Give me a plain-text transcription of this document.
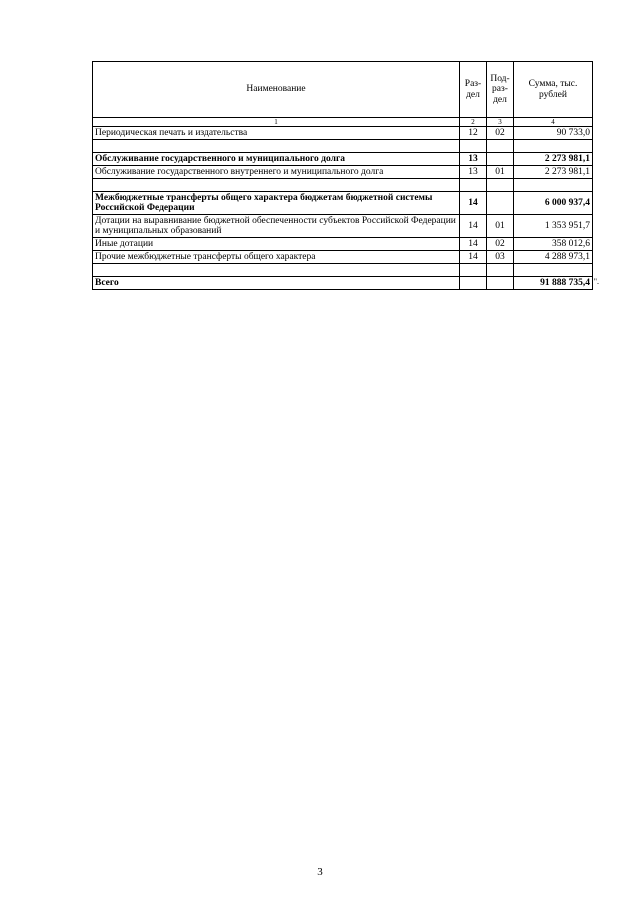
Наименование	Раз-дел	Под-раз-дел	Сумма, тыс. рублей
1	2	3	4
Периодическая печать и издательства	12	02	90 733,0

Обслуживание государственного и муниципального долга	13		2 273 981,1
Обслуживание государственного внутреннего и муниципального долга	13	01	2 273 981,1

Межбюджетные трансферты общего характера бюджетам бюджетной системы Российской Федерации	14		6 000 937,4
Дотации на выравнивание бюджетной обеспеченности субъектов Российской Федерации и муниципальных образований	14	01	1 353 951,7
Иные дотации	14	02	358 012,6
Прочие межбюджетные трансферты общего характера	14	03	4 288 973,1

Всего			91 888 735,4 ".
3
